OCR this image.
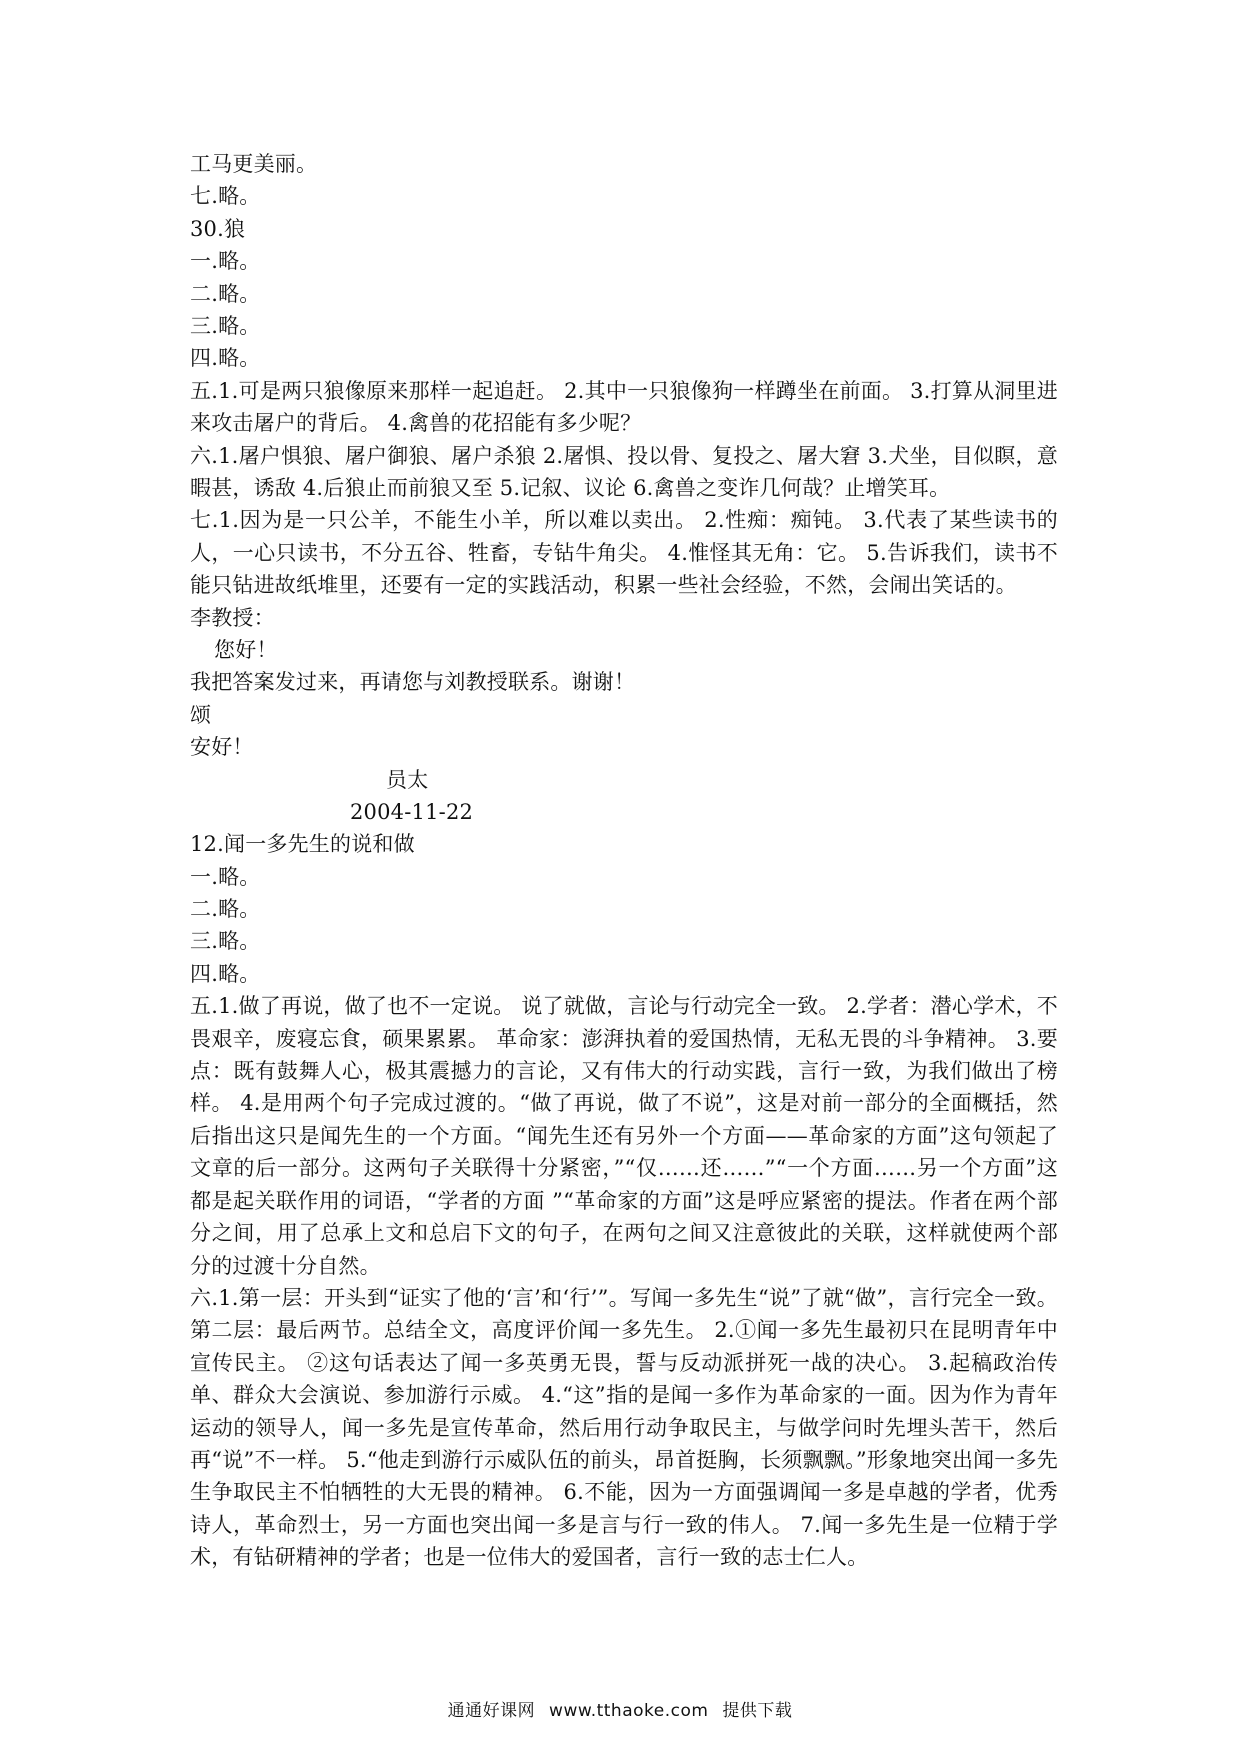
工马更美丽。
七.略。
30.狼
一.略。
二.略。
三.略。
四.略。
五.1.可是两只狼像原来那样一起追赶。 2.其中一只狼像狗一样蹲坐在前面。 3.打算从洞里进来攻击屠户的背后。 4.禽兽的花招能有多少呢？
六.1.屠户惧狼、屠户御狼、屠户杀狼 2.屠惧、投以骨、复投之、屠大窘 3.犬坐，目似瞑，意暇甚，诱敌 4.后狼止而前狼又至 5.记叙、议论 6.禽兽之变诈几何哉？止增笑耳。
七.1.因为是一只公羊，不能生小羊，所以难以卖出。 2.性痴：痴钝。 3.代表了某些读书的人，一心只读书，不分五谷、牲畜，专钻牛角尖。 4.惟怪其无角：它。 5.告诉我们，读书不能只钻进故纸堆里，还要有一定的实践活动，积累一些社会经验，不然，会闹出笑话的。
李教授：
您好！
我把答案发过来，再请您与刘教授联系。谢谢！
颂
安好！
员太
2004-11-22
12.闻一多先生的说和做
一.略。
二.略。
三.略。
四.略。
五.1.做了再说，做了也不一定说。 说了就做，言论与行动完全一致。 2.学者：潜心学术，不畏艰辛，废寝忘食，硕果累累。 革命家：澎湃执着的爱国热情，无私无畏的斗争精神。 3.要点：既有鼓舞人心，极其震撼力的言论，又有伟大的行动实践，言行一致，为我们做出了榜样。 4.是用两个句子完成过渡的。“做了再说，做了不说”，这是对前一部分的全面概括，然后指出这只是闻先生的一个方面。“闻先生还有另外一个方面——革命家的方面”这句领起了文章的后一部分。这两句子关联得十分紧密，”“仅……还……”“一个方面……另一个方面”这都是起关联作用的词语，“学者的方面 ”“革命家的方面”这是呼应紧密的提法。作者在两个部分之间，用了总承上文和总启下文的句子，在两句之间又注意彼此的关联，这样就使两个部分的过渡十分自然。
六.1.第一层：开头到“证实了他的‘言’和‘行’”。写闻一多先生“说”了就“做”，言行完全一致。第二层：最后两节。总结全文，高度评价闻一多先生。 2.①闻一多先生最初只在昆明青年中宣传民主。 ②这句话表达了闻一多英勇无畏，誓与反动派拼死一战的决心。 3.起稿政治传单、群众大会演说、参加游行示威。 4.“这”指的是闻一多作为革命家的一面。因为作为青年运动的领导人，闻一多先是宣传革命，然后用行动争取民主，与做学问时先埋头苦干，然后再“说”不一样。 5.“他走到游行示威队伍的前头，昂首挺胸，长须飘飘。”形象地突出闻一多先生争取民主不怕牺牲的大无畏的精神。 6.不能，因为一方面强调闻一多是卓越的学者，优秀诗人，革命烈士，另一方面也突出闻一多是言与行一致的伟人。 7.闻一多先生是一位精于学术，有钻研精神的学者；也是一位伟大的爱国者，言行一致的志士仁人。
通通好课网 www.tthaoke.com 提供下载
